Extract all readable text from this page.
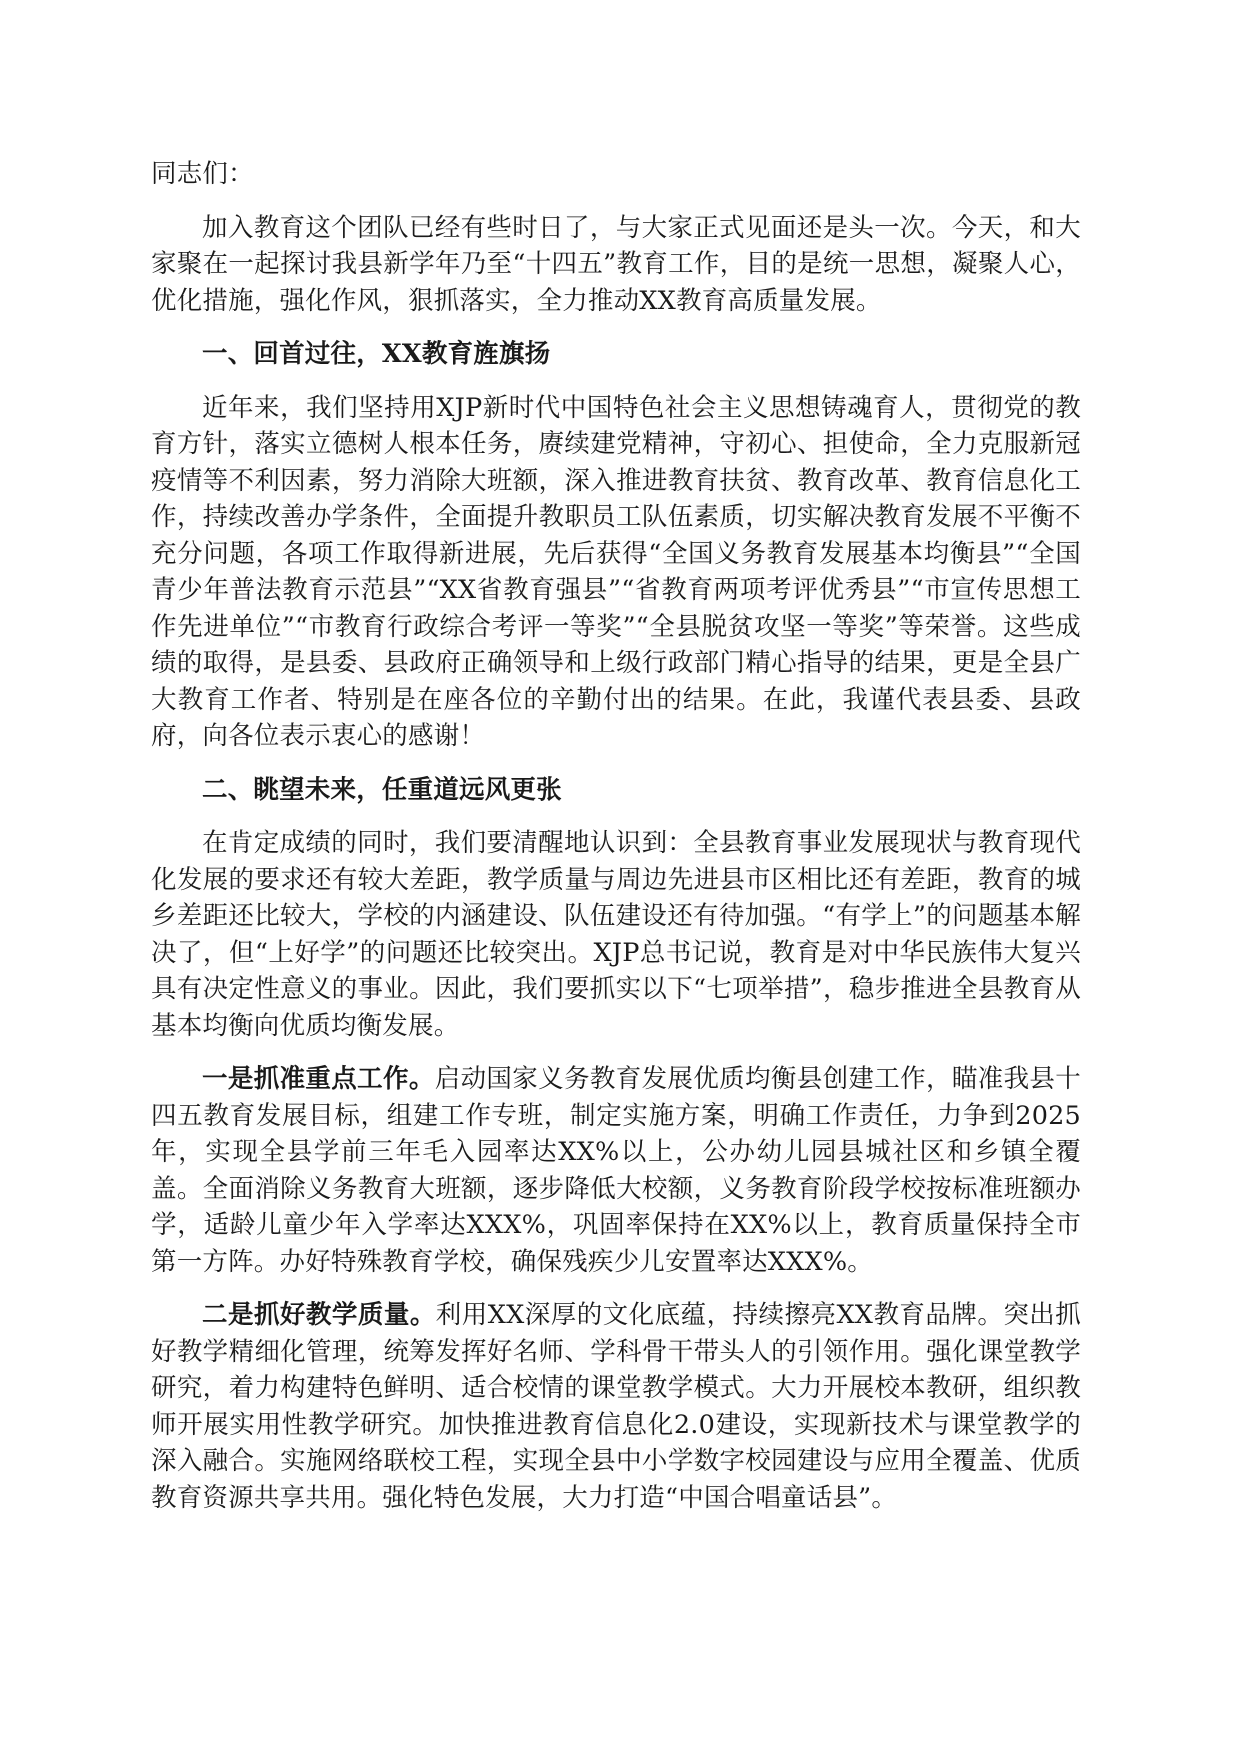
同志们：

加入教育这个团队已经有些时日了，与大家正式见面还是头一次。今天，和大家聚在一起探讨我县新学年乃至“十四五”教育工作，目的是统一思想，凝聚人心，优化措施，强化作风，狠抓落实，全力推动XX教育高质量发展。

一、回首过往，XX教育旌旗扬

近年来，我们坚持用XJP新时代中国特色社会主义思想铸魂育人，贯彻党的教育方针，落实立德树人根本任务，赓续建党精神，守初心、担使命，全力克服新冠疫情等不利因素，努力消除大班额，深入推进教育扶贫、教育改革、教育信息化工作，持续改善办学条件，全面提升教职员工队伍素质，切实解决教育发展不平衡不充分问题，各项工作取得新进展，先后获得“全国义务教育发展基本均衡县”“全国青少年普法教育示范县”“XX省教育强县”“省教育两项考评优秀县”“市宣传思想工作先进单位”“市教育行政综合考评一等奖”“全县脱贫攻坚一等奖”等荣誉。这些成绩的取得，是县委、县政府正确领导和上级行政部门精心指导的结果，更是全县广大教育工作者、特别是在座各位的辛勤付出的结果。在此，我谨代表县委、县政府，向各位表示衷心的感谢！

二、眺望未来，任重道远风更张

在肯定成绩的同时，我们要清醒地认识到：全县教育事业发展现状与教育现代化发展的要求还有较大差距，教学质量与周边先进县市区相比还有差距，教育的城乡差距还比较大，学校的内涵建设、队伍建设还有待加强。“有学上”的问题基本解决了，但“上好学”的问题还比较突出。XJP总书记说，教育是对中华民族伟大复兴具有决定性意义的事业。因此，我们要抓实以下“七项举措”，稳步推进全县教育从基本均衡向优质均衡发展。

一是抓准重点工作。启动国家义务教育发展优质均衡县创建工作，瞄准我县十四五教育发展目标，组建工作专班，制定实施方案，明确工作责任，力争到2025年，实现全县学前三年毛入园率达XX%以上，公办幼儿园县城社区和乡镇全覆盖。全面消除义务教育大班额，逐步降低大校额，义务教育阶段学校按标准班额办学，适龄儿童少年入学率达XXX%，巩固率保持在XX%以上，教育质量保持全市第一方阵。办好特殊教育学校，确保残疾少儿安置率达XXX%。

二是抓好教学质量。利用XX深厚的文化底蕴，持续擦亮XX教育品牌。突出抓好教学精细化管理，统筹发挥好名师、学科骨干带头人的引领作用。强化课堂教学研究，着力构建特色鲜明、适合校情的课堂教学模式。大力开展校本教研，组织教师开展实用性教学研究。加快推进教育信息化2.0建设，实现新技术与课堂教学的深入融合。实施网络联校工程，实现全县中小学数字校园建设与应用全覆盖、优质教育资源共享共用。强化特色发展，大力打造“中国合唱童话县”。
